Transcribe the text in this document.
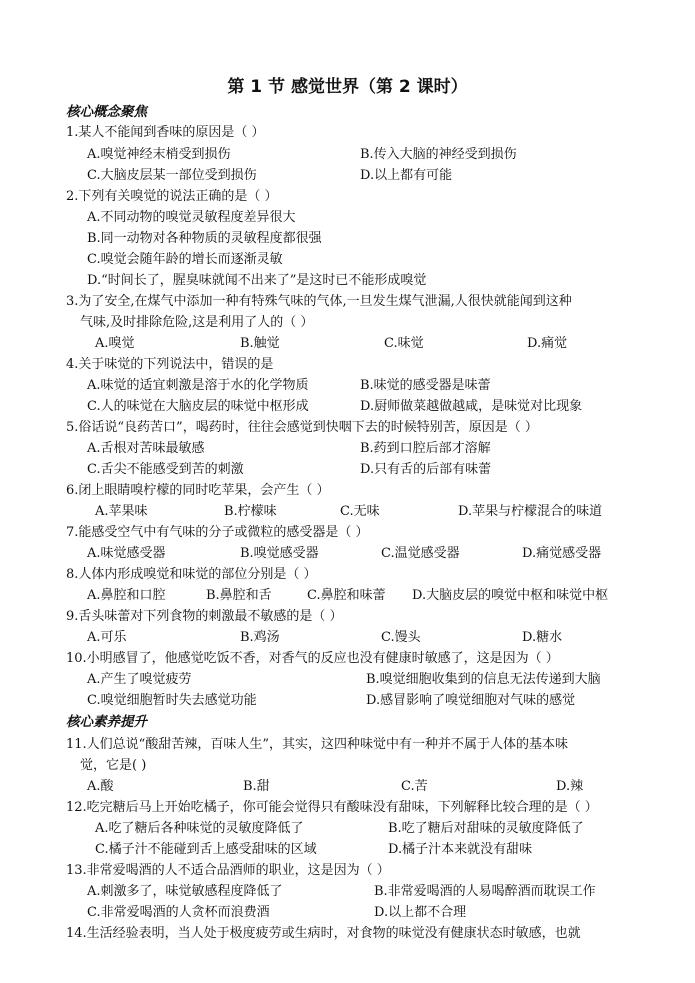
第 1 节 感觉世界（第 2 课时）
核心概念聚焦
1.某人不能闻到香味的原因是（ ）
A.嗅觉神经末梢受到损伤	B.传入大脑的神经受到损伤
C.大脑皮层某一部位受到损伤	D.以上都有可能
2.下列有关嗅觉的说法正确的是（ ）
A.不同动物的嗅觉灵敏程度差异很大
B.同一动物对各种物质的灵敏程度都很强
C.嗅觉会随年龄的增长而逐渐灵敏
D.“时间长了，腥臭味就闻不出来了”是这时已不能形成嗅觉
3.为了安全,在煤气中添加一种有特殊气味的气体,一旦发生煤气泄漏,人很快就能闻到这种
气味,及时排除危险,这是利用了人的（ ）
A.嗅觉	B.触觉	C.味觉	D.痛觉
4.关于味觉的下列说法中，错误的是
A.味觉的适宜刺激是溶于水的化学物质	B.味觉的感受器是味蕾
C.人的味觉在大脑皮层的味觉中枢形成	D.厨师做菜越做越咸，是味觉对比现象
5.俗话说“良药苦口”，喝药时，往往会感觉到快咽下去的时候特别苦，原因是（ ）
A.舌根对苦味最敏感	B.药到口腔后部才溶解
C.舌尖不能感受到苦的刺激	D.只有舌的后部有味蕾
6.闭上眼睛嗅柠檬的同时吃苹果，会产生（ ）
A.苹果味	B.柠檬味	C.无味	D.苹果与柠檬混合的味道
7.能感受空气中有气味的分子或微粒的感受器是（ ）
A.味觉感受器	B.嗅觉感受器	C.温觉感受器	D.痛觉感受器
8.人体内形成嗅觉和味觉的部位分别是（ ）
A.鼻腔和口腔	B.鼻腔和舌	C.鼻腔和味蕾 D.大脑皮层的嗅觉中枢和味觉中枢
9.舌头味蕾对下列食物的刺激最不敏感的是（ ）
A.可乐	B.鸡汤	C.馒头	D.糖水
10.小明感冒了，他感觉吃饭不香，对香气的反应也没有健康时敏感了，这是因为（ ）
A.产生了嗅觉疲劳	B.嗅觉细胞收集到的信息无法传递到大脑
C.嗅觉细胞暂时失去感觉功能	D.感冒影响了嗅觉细胞对气味的感觉
核心素养提升
11.人们总说“酸甜苦辣，百味人生”，其实，这四种味觉中有一种并不属于人体的基本味
觉，它是( )
A.酸	B.甜	C.苦	D.辣
12.吃完糖后马上开始吃橘子，你可能会觉得只有酸味没有甜味，下列解释比较合理的是（ ）
A.吃了糖后各种味觉的灵敏度降低了	B.吃了糖后对甜味的灵敏度降低了
C.橘子汁不能碰到舌上感受甜味的区域	D.橘子汁本来就没有甜味
13.非常爱喝酒的人不适合品酒师的职业，这是因为（ ）
A.刺激多了，味觉敏感程度降低了	B.非常爱喝酒的人易喝醉酒而耽误工作
C.非常爱喝酒的人贪杯而浪费酒	D.以上都不合理
14.生活经验表明，当人处于极度疲劳或生病时，对食物的味觉没有健康状态时敏感，也就
